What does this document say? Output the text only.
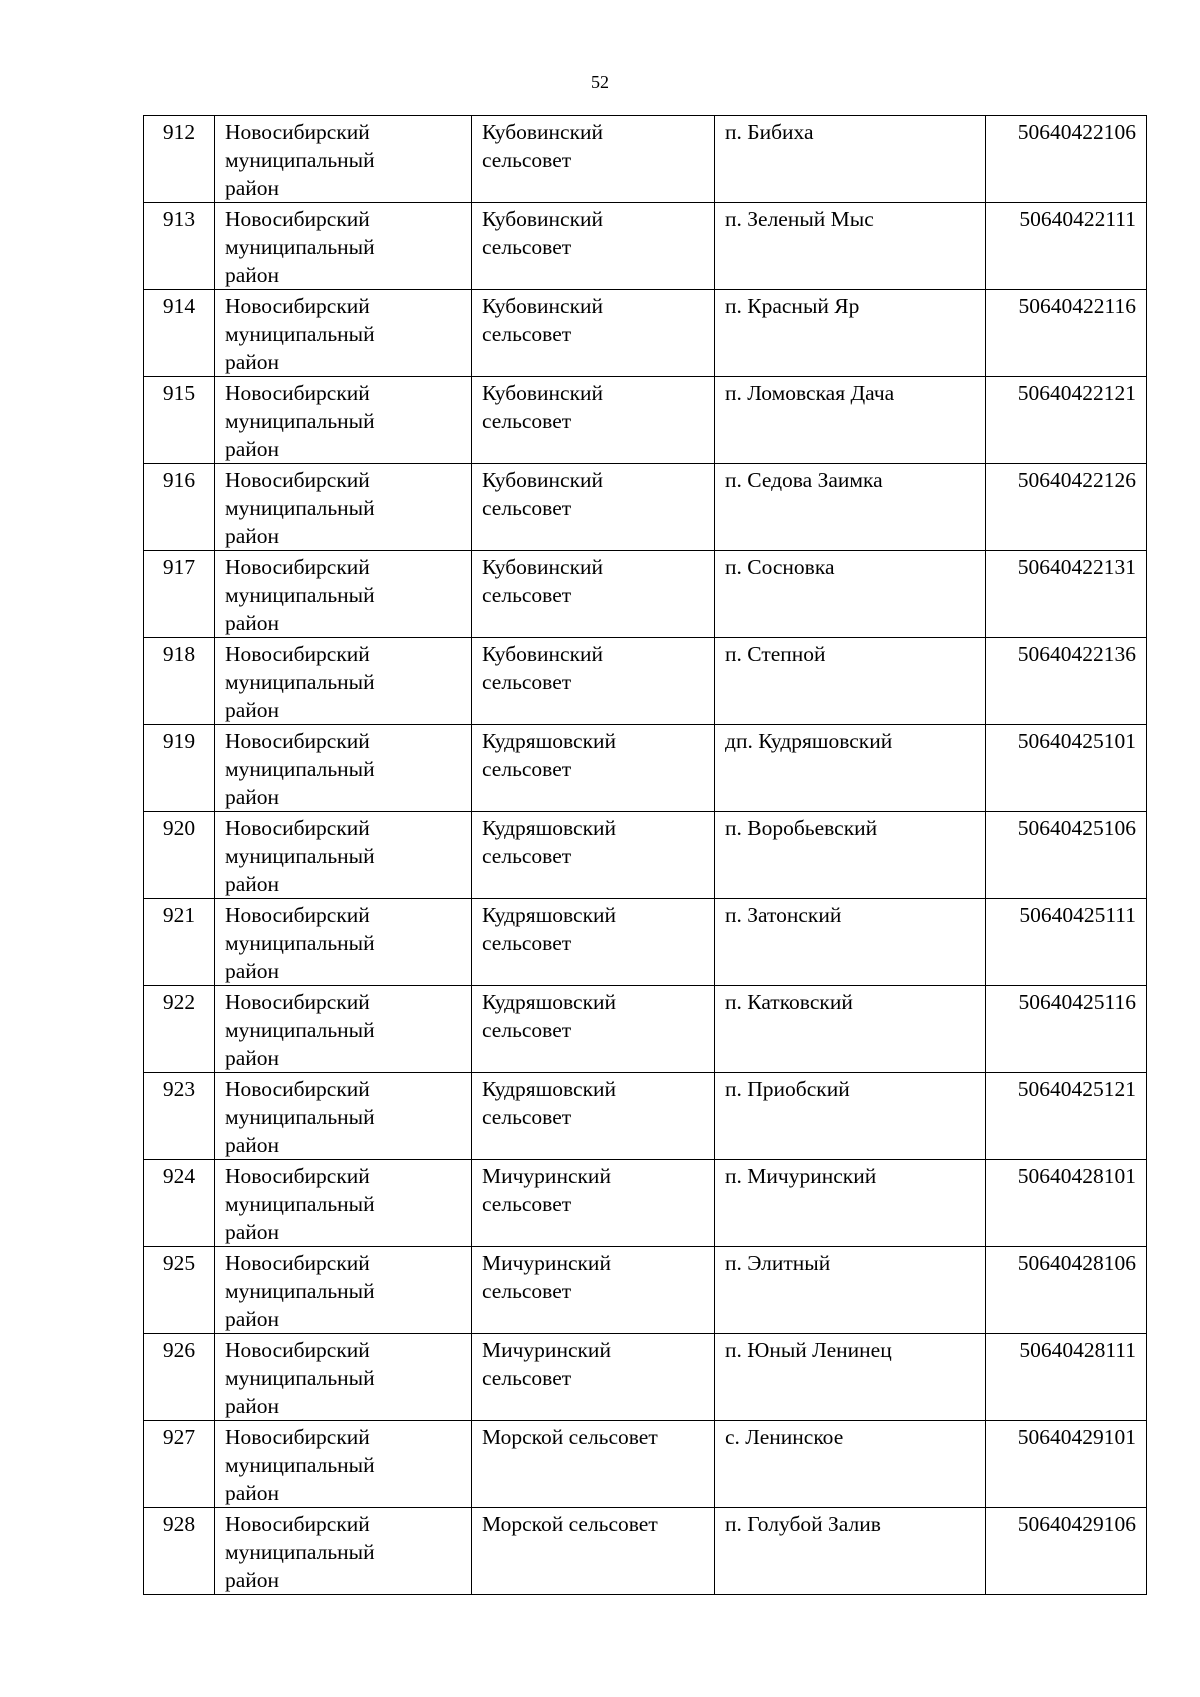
52
912	Новосибирский
муниципальный
район	Кубовинский
сельсовет	п. Бибиха	50640422106
913	Новосибирский
муниципальный
район	Кубовинский
сельсовет	п. Зеленый Мыс	50640422111
914	Новосибирский
муниципальный
район	Кубовинский
сельсовет	п. Красный Яр	50640422116
915	Новосибирский
муниципальный
район	Кубовинский
сельсовет	п. Ломовская Дача	50640422121
916	Новосибирский
муниципальный
район	Кубовинский
сельсовет	п. Седова Заимка	50640422126
917	Новосибирский
муниципальный
район	Кубовинский
сельсовет	п. Сосновка	50640422131
918	Новосибирский
муниципальный
район	Кубовинский
сельсовет	п. Степной	50640422136
919	Новосибирский
муниципальный
район	Кудряшовский
сельсовет	дп. Кудряшовский	50640425101
920	Новосибирский
муниципальный
район	Кудряшовский
сельсовет	п. Воробьевский	50640425106
921	Новосибирский
муниципальный
район	Кудряшовский
сельсовет	п. Затонский	50640425111
922	Новосибирский
муниципальный
район	Кудряшовский
сельсовет	п. Катковский	50640425116
923	Новосибирский
муниципальный
район	Кудряшовский
сельсовет	п. Приобский	50640425121
924	Новосибирский
муниципальный
район	Мичуринский
сельсовет	п. Мичуринский	50640428101
925	Новосибирский
муниципальный
район	Мичуринский
сельсовет	п. Элитный	50640428106
926	Новосибирский
муниципальный
район	Мичуринский
сельсовет	п. Юный Ленинец	50640428111
927	Новосибирский
муниципальный
район	Морской сельсовет	с. Ленинское	50640429101
928	Новосибирский
муниципальный
район	Морской сельсовет	п. Голубой Залив	50640429106
